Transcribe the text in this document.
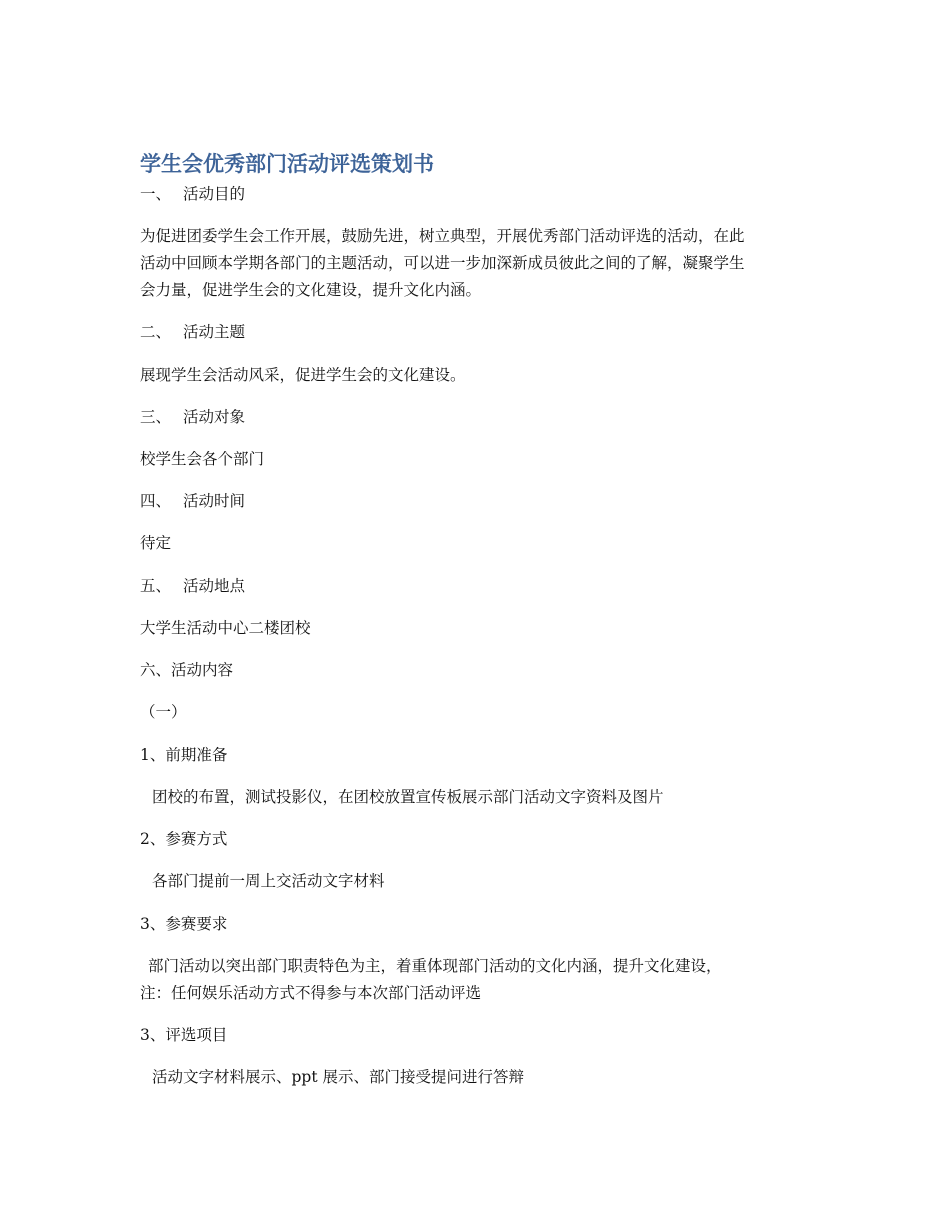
学生会优秀部门活动评选策划书
一、 活动目的
为促进团委学生会工作开展，鼓励先进，树立典型，开展优秀部门活动评选的活动，在此
活动中回顾本学期各部门的主题活动，可以进一步加深新成员彼此之间的了解，凝聚学生
会力量，促进学生会的文化建设，提升文化内涵。
二、 活动主题
展现学生会活动风采，促进学生会的文化建设。
三、 活动对象
校学生会各个部门
四、 活动时间
待定
五、 活动地点
大学生活动中心二楼团校
六、活动内容
（一）
1、前期准备
团校的布置，测试投影仪，在团校放置宣传板展示部门活动文字资料及图片
2、参赛方式
各部门提前一周上交活动文字材料
3、参赛要求
部门活动以突出部门职责特色为主，着重体现部门活动的文化内涵，提升文化建设，
注：任何娱乐活动方式不得参与本次部门活动评选
3、评选项目
活动文字材料展示、ppt 展示、部门接受提问进行答辩
